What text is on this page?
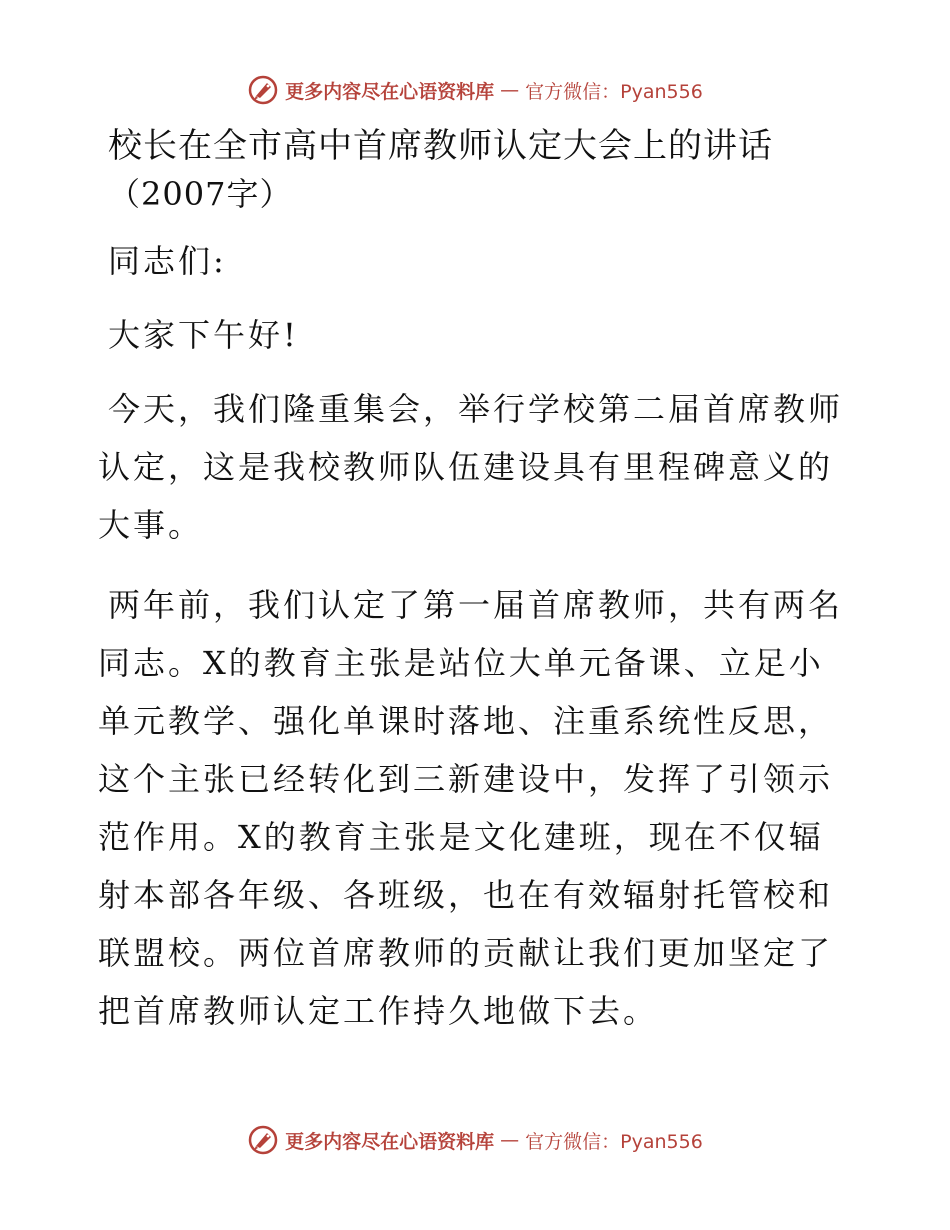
更多内容尽在心语资料库 — 官方微信：Pyan556
校长在全市高中首席教师认定大会上的讲话
（2007字）

同志们:

大家下午好!

今天，我们隆重集会，举行学校第二届首席教师认定，这是我校教师队伍建设具有里程碑意义的大事。

两年前，我们认定了第一届首席教师，共有两名同志。X的教育主张是站位大单元备课、立足小单元教学、强化单课时落地、注重系统性反思，这个主张已经转化到三新建设中，发挥了引领示范作用。X的教育主张是文化建班，现在不仅辐射本部各年级、各班级，也在有效辐射托管校和联盟校。两位首席教师的贡献让我们更加坚定了把首席教师认定工作持久地做下去。

更多内容尽在心语资料库 — 官方微信：Pyan556
